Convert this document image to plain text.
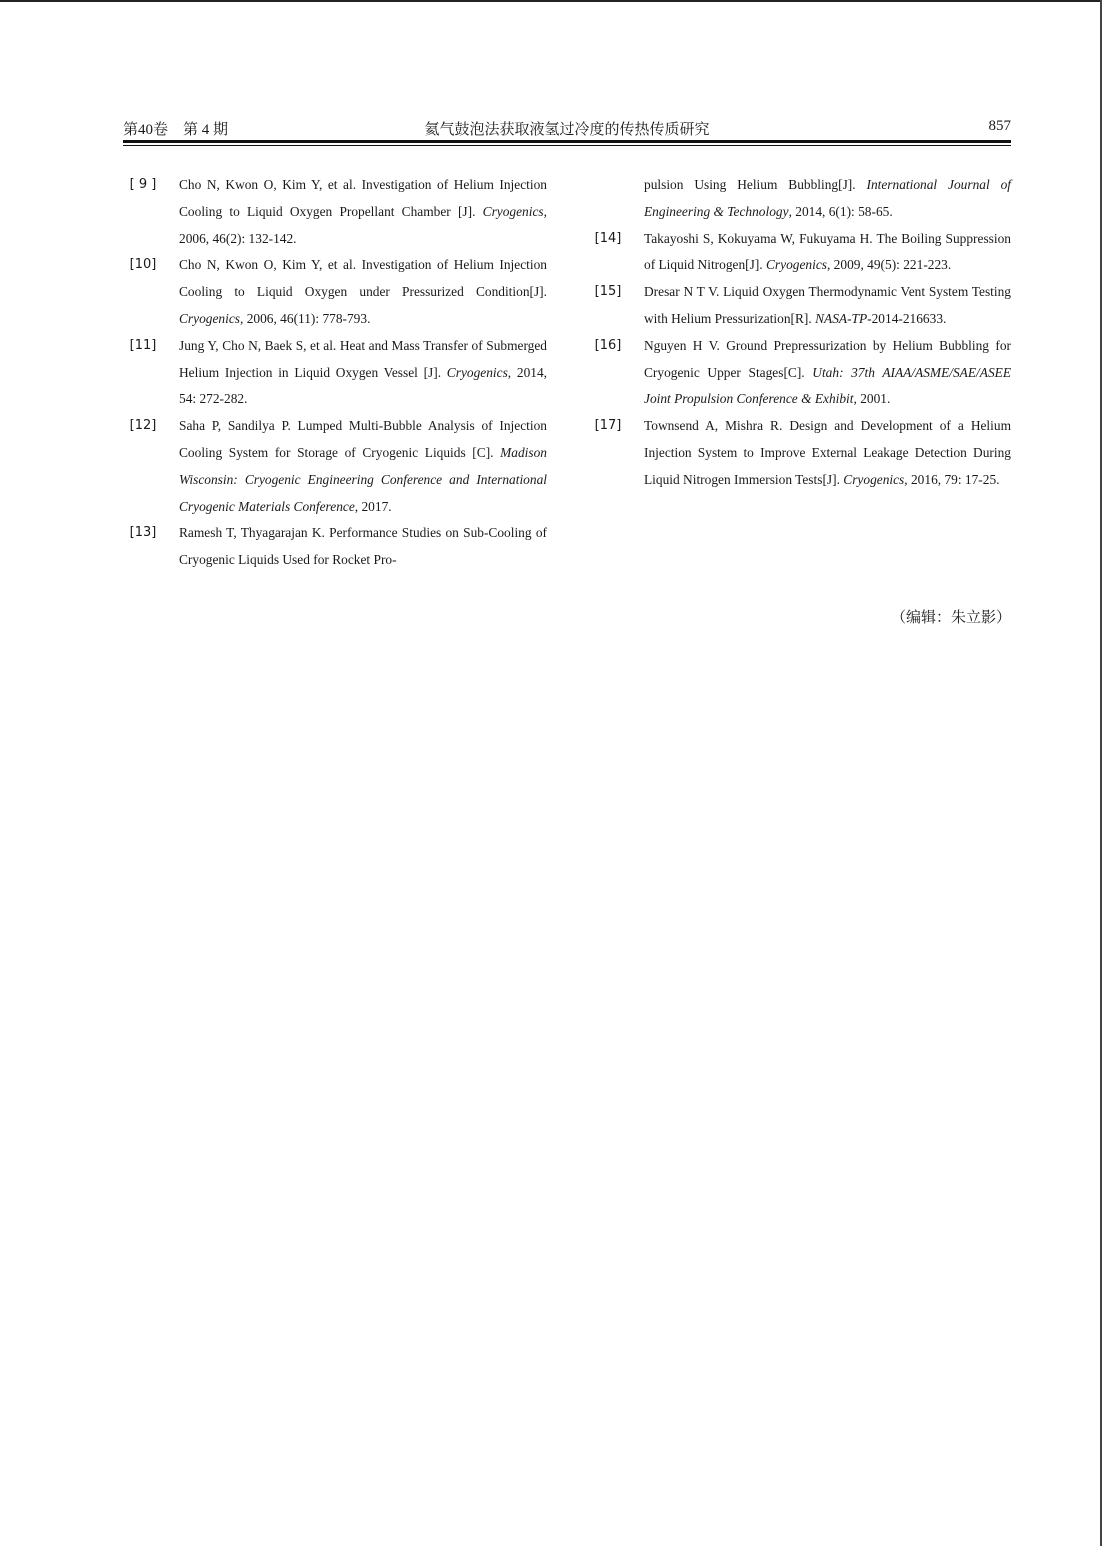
第40卷　第 4 期	氦气鼓泡法获取液氢过冷度的传热传质研究	857
[ 9 ]	Cho N, Kwon O, Kim Y, et al. Investigation of Helium Injection Cooling to Liquid Oxygen Propellant Chamber [J]. Cryogenics, 2006, 46(2): 132-142.
[10]	Cho N, Kwon O, Kim Y, et al. Investigation of Helium Injection Cooling to Liquid Oxygen under Pressurized Condition[J]. Cryogenics, 2006, 46(11): 778-793.
[11]	Jung Y, Cho N, Baek S, et al. Heat and Mass Transfer of Submerged Helium Injection in Liquid Oxygen Vessel [J]. Cryogenics, 2014, 54: 272-282.
[12]	Saha P, Sandilya P. Lumped Multi-Bubble Analysis of Injection Cooling System for Storage of Cryogenic Liquids [C]. Madison Wisconsin: Cryogenic Engineering Conference and International Cryogenic Materials Conference, 2017.
[13]	Ramesh T, Thyagarajan K. Performance Studies on Sub-Cooling of Cryogenic Liquids Used for Rocket Pro-
pulsion Using Helium Bubbling[J]. International Journal of Engineering & Technology, 2014, 6(1): 58-65.
[14]	Takayoshi S, Kokuyama W, Fukuyama H. The Boiling Suppression of Liquid Nitrogen[J]. Cryogenics, 2009, 49(5): 221-223.
[15]	Dresar N T V. Liquid Oxygen Thermodynamic Vent System Testing with Helium Pressurization[R]. NASA-TP-2014-216633.
[16]	Nguyen H V. Ground Prepressurization by Helium Bubbling for Cryogenic Upper Stages[C]. Utah: 37th AIAA/ASME/SAE/ASEE Joint Propulsion Conference & Exhibit, 2001.
[17]	Townsend A, Mishra R. Design and Development of a Helium Injection System to Improve External Leakage Detection During Liquid Nitrogen Immersion Tests[J]. Cryogenics, 2016, 79: 17-25.
（编辑：朱立影）
